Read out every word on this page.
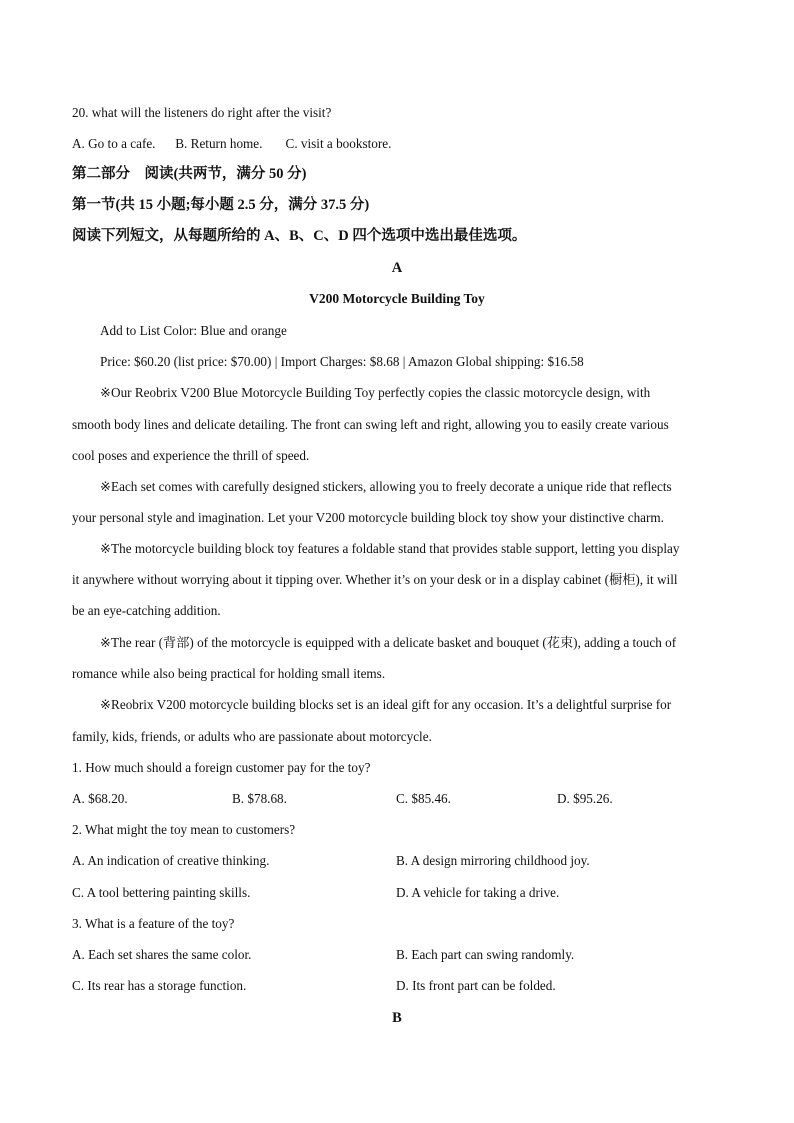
20. what will the listeners do right after the visit?
A. Go to a cafe.      B. Return home.       C. visit a bookstore.
第二部分    阅读(共两节，满分 50 分)
第一节(共 15 小题;每小题 2.5 分，满分 37.5 分)
阅读下列短文，从每题所给的 A、B、C、D 四个选项中选出最佳选项。
A
V200 Motorcycle Building Toy
Add to List Color: Blue and orange
Price: $60.20 (list price: $70.00) | Import Charges: $8.68 | Amazon Global shipping: $16.58
※Our Reobrix V200 Blue Motorcycle Building Toy perfectly copies the classic motorcycle design, with
smooth body lines and delicate detailing. The front can swing left and right, allowing you to easily create various
cool poses and experience the thrill of speed.
※Each set comes with carefully designed stickers, allowing you to freely decorate a unique ride that reflects
your personal style and imagination. Let your V200 motorcycle building block toy show your distinctive charm.
※The motorcycle building block toy features a foldable stand that provides stable support, letting you display
it anywhere without worrying about it tipping over. Whether it’s on your desk or in a display cabinet (橱柜), it will
be an eye-catching addition.
※The rear (背部) of the motorcycle is equipped with a delicate basket and bouquet (花束), adding a touch of
romance while also being practical for holding small items.
※Reobrix V200 motorcycle building blocks set is an ideal gift for any occasion. It’s a delightful surprise for
family, kids, friends, or adults who are passionate about motorcycle.
1. How much should a foreign customer pay for the toy?
A. $68.20.	B. $78.68.	C. $85.46.	D. $95.26.
2. What might the toy mean to customers?
A. An indication of creative thinking.	B. A design mirroring childhood joy.
C. A tool bettering painting skills.	D. A vehicle for taking a drive.
3. What is a feature of the toy?
A. Each set shares the same color.	B. Each part can swing randomly.
C. Its rear has a storage function.	D. Its front part can be folded.
B
